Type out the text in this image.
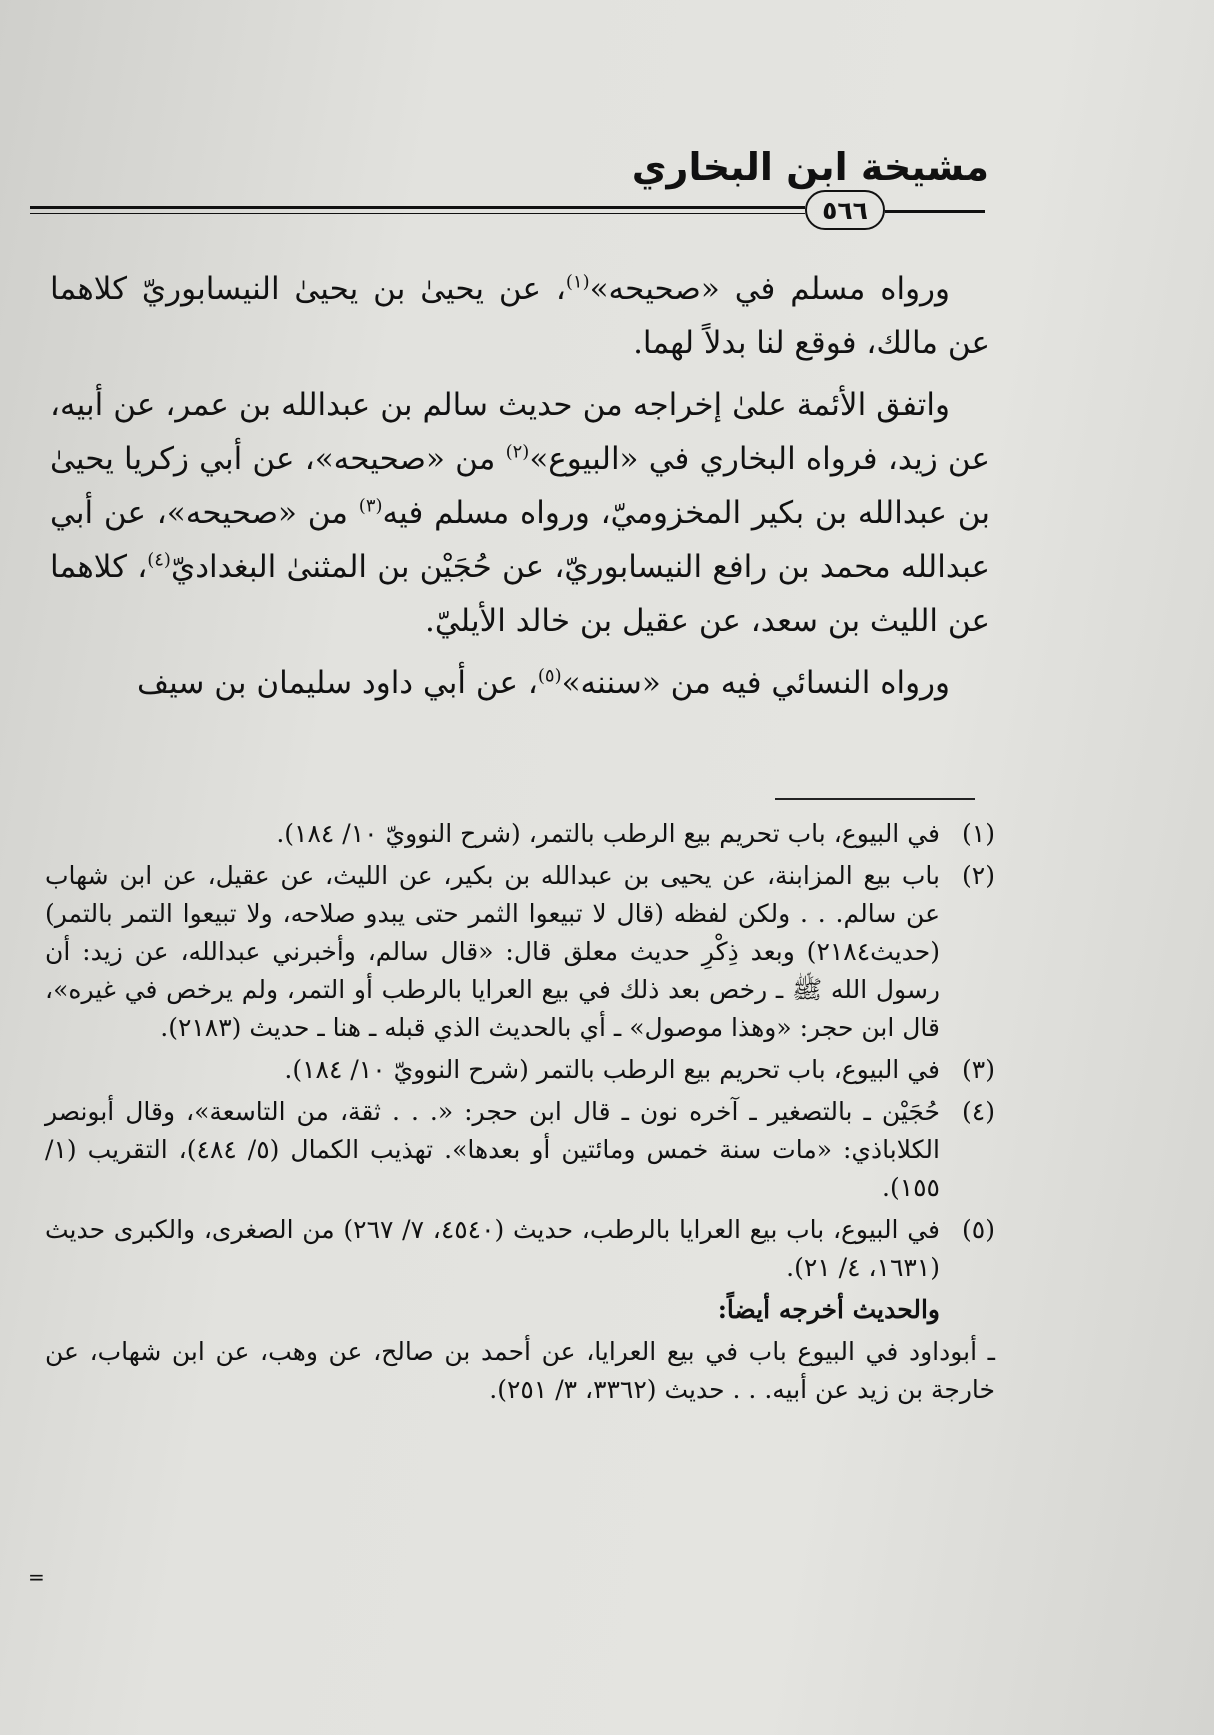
مشيخة ابن البخاري
٥٦٦

ورواه مسلم في «صحيحه»$^{(١)}$، عن يحيىٰ بن يحيىٰ النيسابوريّ كلاهما عن مالك، فوقع لنا بدلاً لهما.

واتفق الأئمة علىٰ إخراجه من حديث سالم بن عبدالله بن عمر، عن أبيه، عن زيد، فرواه البخاري في «البيوع»$^{(٢)}$ من «صحيحه»، عن أبي زكريا يحيىٰ بن عبدالله بن بكير المخزوميّ، ورواه مسلم فيه$^{(٣)}$ من «صحيحه»، عن أبي عبدالله محمد بن رافع النيسابوريّ، عن حُجَيْن بن المثنىٰ البغداديّ$^{(٤)}$، كلاهما عن الليث بن سعد، عن عقيل بن خالد الأيليّ.

ورواه النسائي فيه من «سننه»$^{(٥)}$، عن أبي داود سليمان بن سيف

(١)
في البيوع، باب تحريم بيع الرطب بالتمر، (شرح النوويّ ١٠/ ١٨٤).
(٢)
باب بيع المزابنة، عن يحيى بن عبدالله بن بكير، عن الليث، عن عقيل، عن ابن شهاب عن سالم. . . ولكن لفظه (قال لا تبيعوا الثمر حتى يبدو صلاحه، ولا تبيعوا التمر بالتمر) (حديث٢١٨٤) وبعد ذِكْرِ حديث معلق قال: «قال سالم، وأخبرني عبدالله، عن زيد: أن رسول الله ﷺ ـ رخص بعد ذلك في بيع العرايا بالرطب أو التمر، ولم يرخص في غيره»، قال ابن حجر: «وهذا موصول» ـ أي بالحديث الذي قبله ـ هنا ـ حديث (٢١٨٣).
(٣)
في البيوع، باب تحريم بيع الرطب بالتمر (شرح النوويّ ١٠/ ١٨٤).
(٤)
حُجَيْن ـ بالتصغير ـ آخره نون ـ قال ابن حجر: «. . . ثقة، من التاسعة»، وقال أبونصر الكلاباذي: «مات سنة خمس ومائتين أو بعدها». تهذيب الكمال (٥/ ٤٨٤)، التقريب (١/ ١٥٥).
(٥)
في البيوع، باب بيع العرايا بالرطب، حديث (٤٥٤٠، ٧/ ٢٦٧) من الصغرى، والكبرى حديث (١٦٣١، ٤/ ٢١).
والحديث أخرجه أيضاً:
ـ أبوداود في البيوع باب في بيع العرايا، عن أحمد بن صالح، عن وهب، عن ابن شهاب، عن خارجة بن زيد عن أبيه. . . حديث (٣٣٦٢، ٣/ ٢٥١).
=
